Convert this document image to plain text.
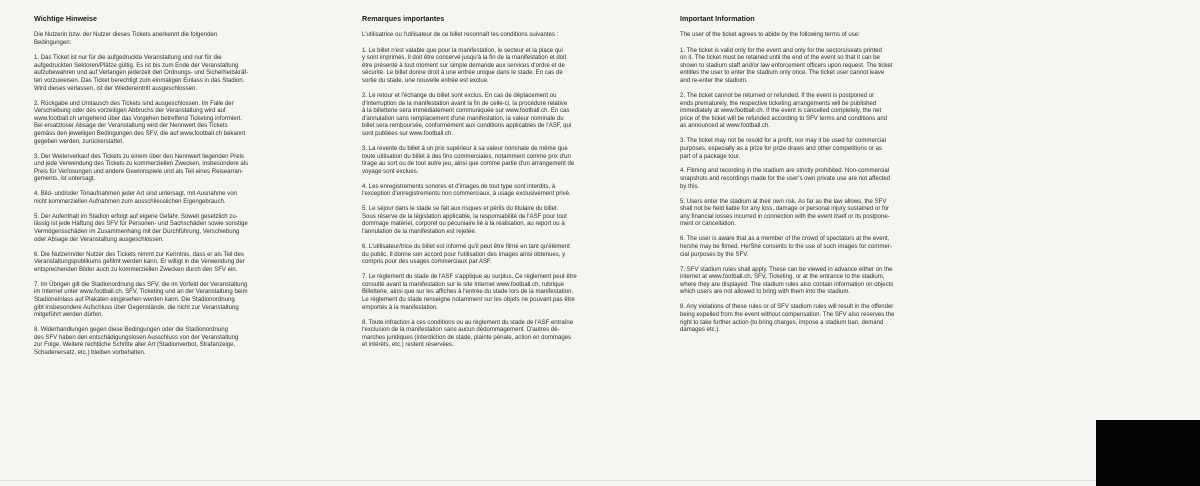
Wichtige Hinweise

Die Nutzerin bzw. der Nutzer dieses Tickets anerkennt die folgenden
Bedingungen:

1. Das Ticket ist nur für die aufgedruckte Veranstaltung und nur für die
aufgedruckten Sektoren/Plätze gültig. Es ist bis zum Ende der Veranstaltung
aufzubewahren und auf Verlangen jederzeit den Ordnungs- und Sicherheitskräf-
ten vorzuweisen. Das Ticket berechtigt zum einmaligen Einlass in das Stadion.
Wird dieses verlassen, ist der Wiedereintritt ausgeschlossen.

2. Rückgabe und Umtausch des Tickets sind ausgeschlossen. Im Falle der
Verschiebung oder des vorzeitigen Abbruchs der Veranstaltung wird auf
www.football.ch umgehend über das Vorgehen betreffend Ticketing informiert.
Bei ersatzloser Absage der Veranstaltung wird der Nennwert des Tickets
gemäss den jeweiligen Bedingungen des SFV, die auf www.football.ch bekannt
gegeben werden, zurückerstattet.

3. Der Weiterverkauf des Tickets zu einem über den Nennwert liegenden Preis
und jede Verwendung des Tickets zu kommerziellen Zwecken, insbesondere als
Preis für Verlosungen und andere Gewinnspiele und als Teil eines Reisearran-
gements, ist untersagt.

4. Bild- und/oder Tonaufnahmen jeder Art sind untersagt, mit Ausnahme von
nicht kommerziellen Aufnahmen zum ausschliesslichen Eigengebrauch.

5. Der Aufenthalt im Stadion erfolgt auf eigene Gefahr. Soweit gesetzlich zu-
lässig ist jede Haftung des SFV für Personen- und Sachschäden sowie sonstige
Vermögensschäden im Zusammenhang mit der Durchführung, Verschiebung
oder Absage der Veranstaltung ausgeschlossen.

6. Die Nutzerin/der Nutzer des Tickets nimmt zur Kenntnis, dass er als Teil des
Veranstaltungspublikums gefilmt werden kann. Er willigt in die Verwendung der
entsprechenden Bilder auch zu kommerziellen Zwecken durch den SFV ein.

7. Im Übrigen gilt die Stadionordnung des SFV, die im Vorfeld der Veranstaltung
im Internet unter www.football.ch, SFV, Ticketing und an der Veranstaltung beim
Stadioneinlass auf Plakaten eingesehen werden kann. Die Stadionordnung
gibt insbesondere Aufschluss über Gegenstände, die nicht zur Veranstaltung
mitgeführt werden dürfen.

8. Widerhandlungen gegen diese Bedingungen oder die Stadionordnung
des SFV haben den entschädigungslosen Ausschluss von der Veranstaltung
zur Folge. Weitere rechtliche Schritte aller Art (Stadionverbot, Strafanzeige,
Schadenersatz, etc.) bleiben vorbehalten.

Remarques importantes

L'utilisatrice ou l'utilisateur de ce billet reconnaît les conditions suivantes :

1. Le billet n'est valable que pour la manifestation, le secteur et la place qui
y sont imprimés. Il doit être conservé jusqu'à la fin de la manifestation et doit
être présenté à tout moment sur simple demande aux services d'ordre et de
sécurité. Le billet donne droit à une entrée unique dans le stade. En cas de
sortie du stade, une nouvelle entrée est exclue.

2. Le retour et l'échange du billet sont exclus. En cas de déplacement ou
d'interruption de la manifestation avant la fin de celle-ci, la procédure relative
à la billetterie sera immédiatement communiquée sur www.football.ch. En cas
d'annulation sans remplacement d'une manifestation, la valeur nominale du
billet sera remboursée, conformément aux conditions applicables de l'ASF, qui
sont publiées sur www.football.ch.

3. La revente du billet à un prix supérieur à sa valeur nominale de même que
toute utilisation du billet à des fins commerciales, notamment comme prix d'un
tirage au sort ou de tout autre jeu, ainsi que comme partie d'un arrangement de
voyage sont exclues.

4. Les enregistrements sonores et d'images de tout type sont interdits, à
l'exception d'enregistrements non commerciaux, à usage exclusivement privé.

5. Le séjour dans le stade se fait aux risques et périls du titulaire du billet.
Sous réserve de la législation applicable, la responsabilité de l'ASF pour tout
dommage matériel, corporel ou pécuniaire lié à la réalisation, au report ou à
l'annulation de la manifestation est rejetée.

6. L'utilisateur/trice du billet est informé qu'il peut être filmé en tant qu'élément
du public. Il donne son accord pour l'utilisation des images ainsi obtenues, y
compris pour des usages commerciaux par ASF.

7. Le règlement du stade de l'ASF s'applique au surplus. Ce règlement peut être
consulté avant la manifestation sur le site Internet www.football.ch, rubrique
Billetterie, ainsi que sur les affiches à l'entrée du stade lors de la manifestation.
Le règlement du stade renseigne notamment sur les objets ne pouvant pas être
emportés à la manifestation.

8. Toute infraction à ces conditions ou au règlement du stade de l'ASF entraîne
l'exclusion de la manifestation sans aucun dédommagement. D'autres dé-
marches juridiques (interdiction de stade, plainte pénale, action en dommages
et intérêts, etc.) restent réservées.

Important Information

The user of the ticket agrees to abide by the following terms of use:

1. The ticket is valid only for the event and only for the sectors/seats printed
on it. The ticket must be retained until the end of the event so that it can be
shown to stadium staff and/or law enforcement officers upon request. The ticket
entitles the user to enter the stadium only once. The ticket user cannot leave
and re-enter the stadium.

2. The ticket cannot be returned or refunded. If the event is postponed or
ends prematurely, the respective ticketing arrangements will be published
immediately at www.football.ch. If the event is cancelled completely, the net
price of the ticket will be refunded according to SFV terms and conditions and
as announced at www.football.ch.

3. The ticket may not be resold for a profit, nor may it be used for commercial
purposes, especially as a prize for prize draws and other competitions or as
part of a package tour.

4. Filming and recording in the stadium are strictly prohibited. Non-commercial
snapshots and recordings made for the user's own private use are not affected
by this.

5. Users enter the stadium at their own risk. As far as the law allows, the SFV
shall not be held liable for any loss, damage or personal injury sustained or for
any financial losses incurred in connection with the event itself or its postpone-
ment or cancellation.

6. The user is aware that as a member of the crowd of spectators at the event,
he/she may be filmed. He/She consents to the use of such images for commer-
cial purposes by the SFV.

7. SFV stadium rules shall apply. These can be viewed in advance either on the
internet at www.football.ch, SFV, Ticketing, or at the entrance to the stadium,
where they are displayed. The stadium rules also contain information on objects
which users are not allowed to bring with them into the stadium.

8. Any violations of these rules or of SFV stadium rules will result in the offender
being expelled from the event without compensation. The SFV also reserves the
right to take further action (to bring charges, impose a stadium ban, demand
damages etc.).
